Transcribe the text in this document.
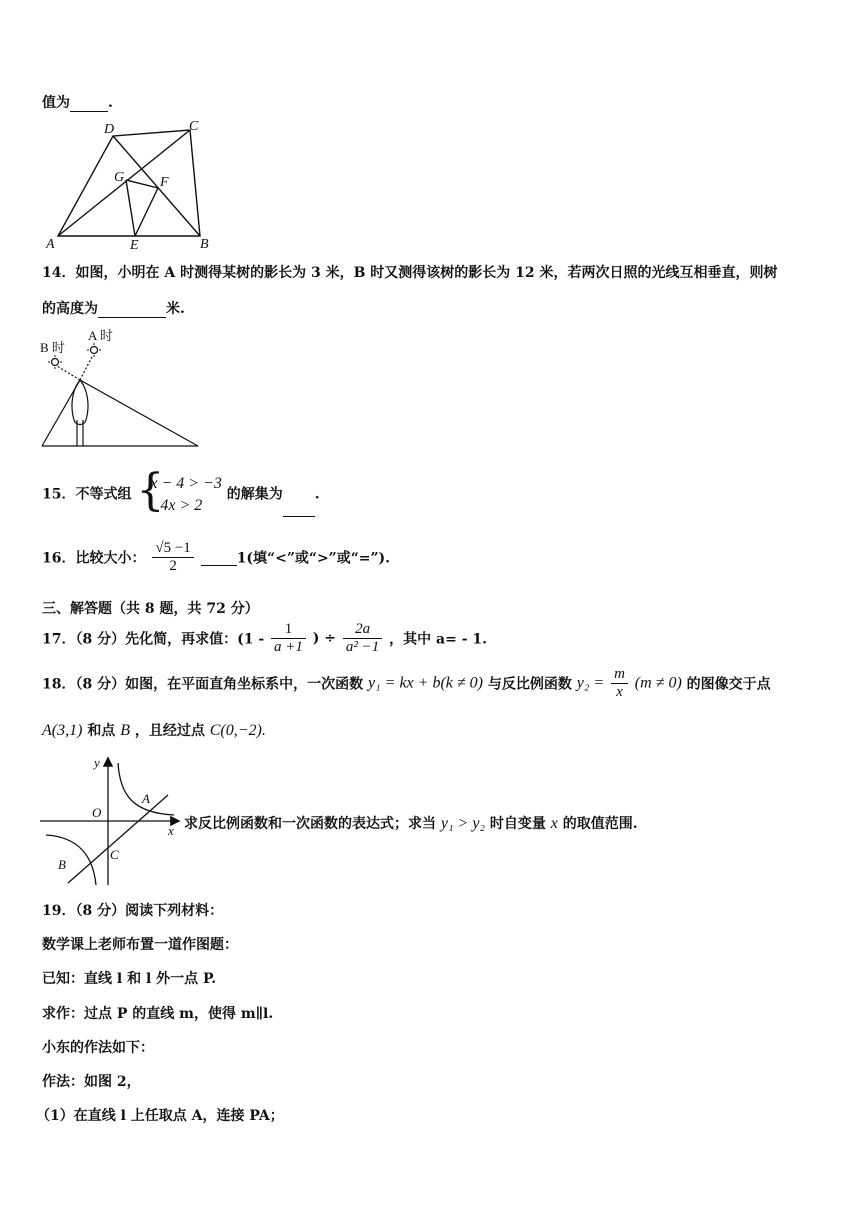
值为	.
A	E	B
C
D
G	F
14．如图，小明在 A 时测得某树的影长为 3 米，B 时又测得该树的影长为 12 米，若两次日照的光线互相垂直，则树
的高度为	米.
B 时
A 时
15．不等式组 {
x − 4 > −3
4x > 2
的解集为 .
16．比较大小： $\frac{√5 -1}{2}$	1(填“<”或“>”或“=”).
三、解答题（共 8 题，共 72 分）
17．（8 分）先化简，再求值：($1 - \frac{1}{a +1}$ ) ÷ $\frac{2a}{\text{a² −1}}$ ，其中 a= - 1.
18．（8 分）如图，在平面直角坐标系中，一次函数 y₁ = kx + b(k ≠ 0) 与反比例函数 $y_2 = \frac{m}{x} (m \ne 0)$ 的图像交于点
A(3,1) 和点 B ，且经过点 C(0,−2).
y
x
O
A
B
C
求反比例函数和一次函数的表达式；求当 y₁ > y₂ 时自变量 x 的取值范围.
19．（8 分）阅读下列材料：
数学课上老师布置一道作图题：
已知：直线 l 和 l 外一点 P.
求作：过点 P 的直线 m，使得 m∥l.
小东的作法如下：
作法：如图 2，
（1）在直线 l 上任取点 A，连接 PA；
